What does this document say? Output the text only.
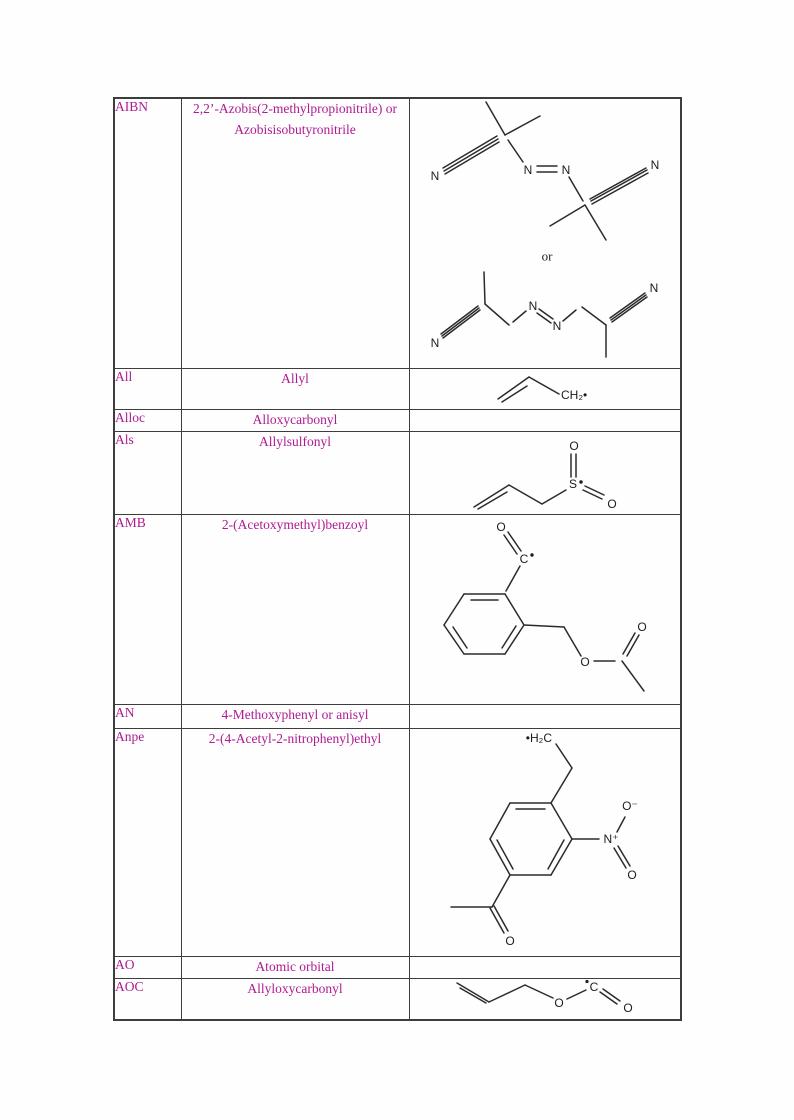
AIBN	2,2’-Azobis(2-methylpropionitrile) or Azobisisobutyronitrile	
N	N N	N
or
N
N
N
N

All	Allyl	CH₂•

Alloc	Alloxycarbonyl	
Als	Allylsulfonyl	S
O
O

AMB	2-(Acetoxymethyl)benzoyl	O
C
O
O

AN	4-Methoxyphenyl or anisyl	
Anpe	2-(4-Acetyl-2-nitrophenyl)ethyl	•H₂C
N⁺
O⁻
O
O

AO	Atomic orbital	
AOC	Allyloxycarbonyl	O
C
O
